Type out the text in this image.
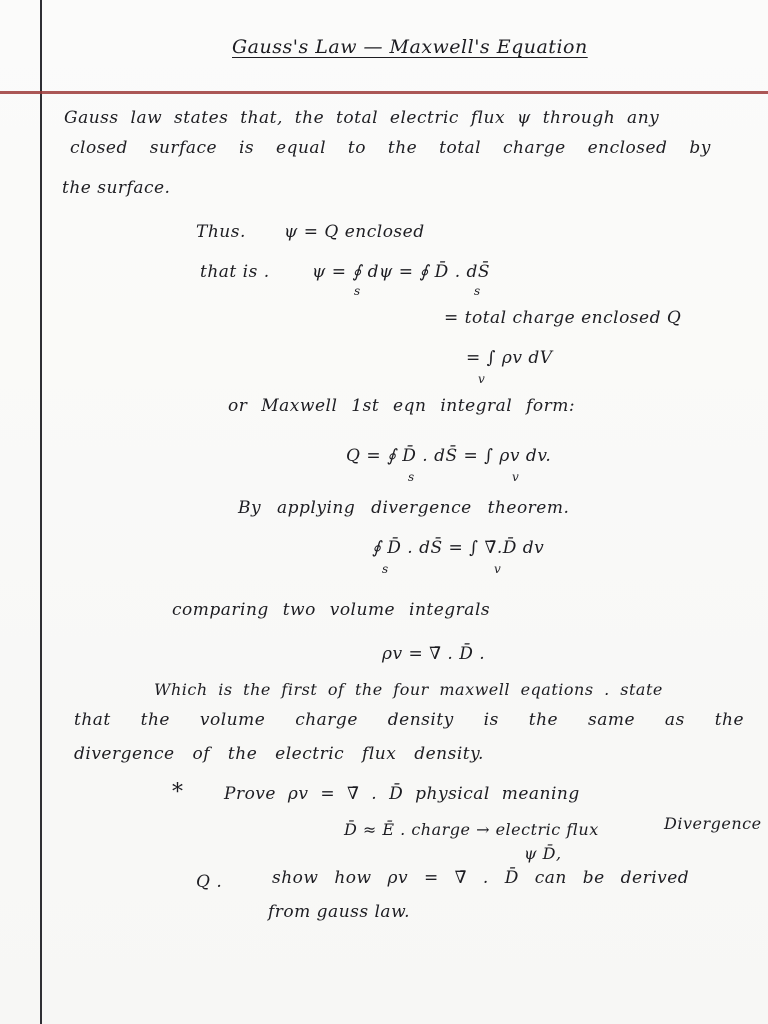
Gauss's Law — Maxwell's Equation

Gauss law states that, the total electric flux ψ through any

closed surface is equal to the total charge enclosed by

the surface.

Thus. ψ = Q enclosed

that is . ψ = ∮ dψ = ∮ D̄ . dS̄

s	s

= total charge enclosed Q

= ∫ ρv dV

v

or Maxwell 1st eqn integral form:

Q = ∮ D̄ . dS̄ = ∫ ρv dv.

s	v

By applying divergence theorem.

∮ D̄ . dS̄ = ∫ ∇̄.D̄ dv

s	v

comparing two volume integrals

ρv = ∇̄ . D̄ .

Which is the first of the four maxwell eqations . state

that the volume charge density is the same as the

divergence of the electric flux density.

* Prove ρv = ∇̄ . D̄ physical meaning

D̄ ≈ Ē . charge → electric flux	Divergence

ψ D̄,

Q .	show how ρv = ∇̄ . D̄ can be derived

from gauss law.
